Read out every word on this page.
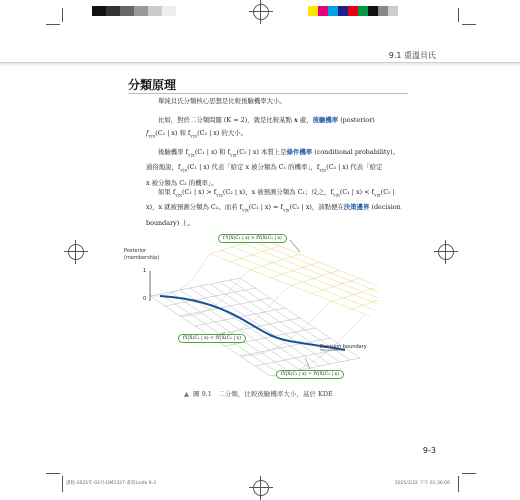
9.1 重溫貝氏
分類原理
單純貝氏分類核心思想是比較後驗機率大小。
比如，對於二分類問題 (K = 2)，就是比較某點 x 處，後驗機率 (posterior)
$f_{Y|X}(C_1$ | x) 和 $f_{Y|X}(C_2$ | x) 的大小。
後驗機率 $f_{Y|X}(C_1$ | x) 和 $f_{Y|X}(C_2$ | x) 本質上是條件機率 (conditional probability)。
通俗地說，$f_{Y|X}(C_1$ | x) 代表「給定 x 被分類為 C₁ 的機率」，$f_{Y|X}(C_2$ | x) 代表「給定
x 被分類為 C₂ 的機率」。
如果 $f_{Y|X}(C_1$ | $x) > f_{Y|X}(C_2$ | x)，x 被預測分類為 C₁；反之，$f_{Y|X}(C_1$ | $x) < f_{Y|X}(C_2$ |
x)，x 就被預測分類為 C₂。而若 $f_{Y|X}(C_1$ | $x) = f_{Y|X}(C_2$ | x)，該點便在決策邊界 (decision
boundary) 上。
Posterior
(membership)
1
0
f Y|X(C₁ | x) > fY|X(C₂ | x)
fY|X(C₁ | x) < fY|X(C₂ | x)
fY|X(C₁ | x) = fY|X(C₂ | x)
Decision boundary
▲ 圖 9.1　二分類，比較後驗機率大小，基於 KDE
9-3
課程-2025年-03月-DM2327-書寫Lsolb 9-3	2025/3/22 下午 01:36:06
